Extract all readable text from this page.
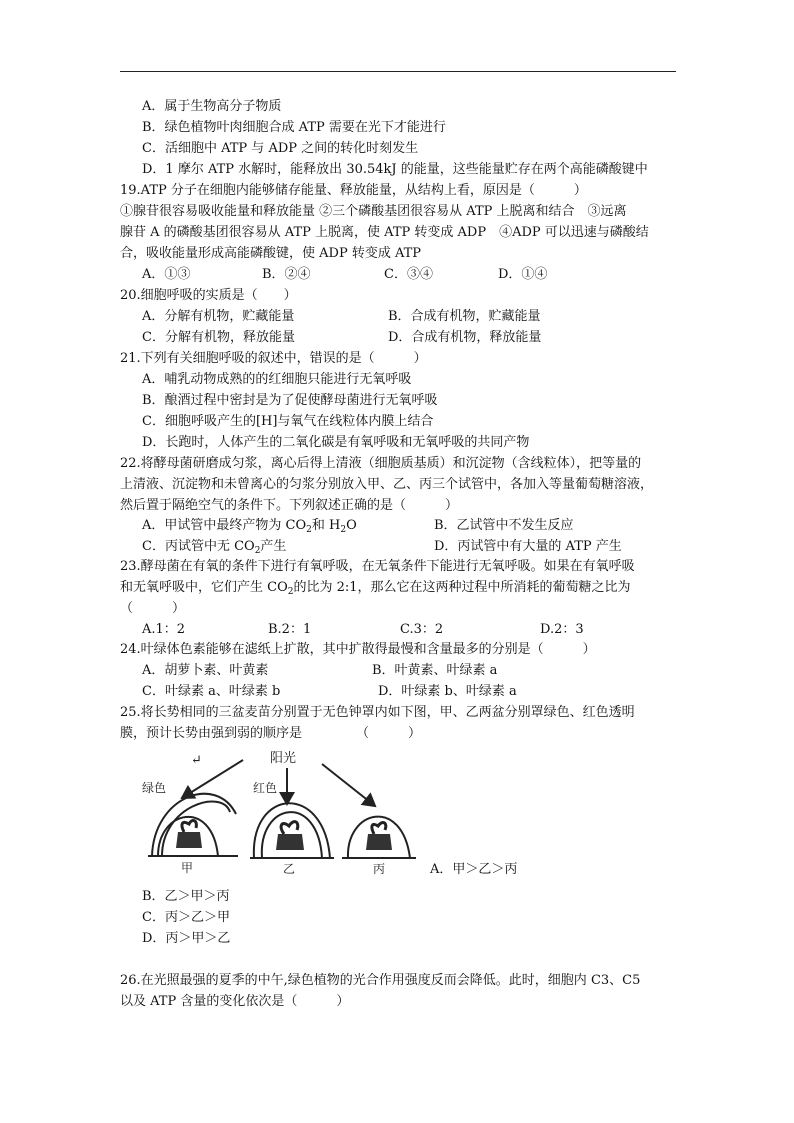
A．属于生物高分子物质
B．绿色植物叶肉细胞合成 ATP 需要在光下才能进行
C．活细胞中 ATP 与 ADP 之间的转化时刻发生
D．1 摩尔 ATP 水解时，能释放出 30.54kJ 的能量，这些能量贮存在两个高能磷酸键中
19.ATP 分子在细胞内能够储存能量、释放能量，从结构上看，原因是（　　　）
①腺苷很容易吸收能量和释放能量 ②三个磷酸基团很容易从 ATP 上脱离和结合　③远离
腺苷 A 的磷酸基团很容易从 ATP 上脱离，使 ATP 转变成 ADP　④ADP 可以迅速与磷酸结
合，吸收能量形成高能磷酸键，使 ADP 转变成 ATP
A．①③	B．②④	C．③④	D．①④
20.细胞呼吸的实质是（　　）
A．分解有机物，贮藏能量	B．合成有机物，贮藏能量
C．分解有机物，释放能量	D．合成有机物，释放能量
21.下列有关细胞呼吸的叙述中，错误的是（　　　）
A．哺乳动物成熟的的红细胞只能进行无氧呼吸
B．酿酒过程中密封是为了促使酵母菌进行无氧呼吸
C．细胞呼吸产生的[H]与氧气在线粒体内膜上结合
D．长跑时，人体产生的二氧化碳是有氧呼吸和无氧呼吸的共同产物
22.将酵母菌研磨成匀浆，离心后得上清液（细胞质基质）和沉淀物（含线粒体），把等量的
上清液、沉淀物和未曾离心的匀浆分别放入甲、乙、丙三个试管中，各加入等量葡萄糖溶液，
然后置于隔绝空气的条件下。下列叙述正确的是（　　　）
A．甲试管中最终产物为 $CO_2$和 $H_2O$	B．乙试管中不发生反应
C．丙试管中无 $CO_2$产生	D．丙试管中有大量的 ATP 产生
23.酵母菌在有氧的条件下进行有氧呼吸，在无氧条件下能进行无氧呼吸。如果在有氧呼吸
和无氧呼吸中，它们产生 $CO_2$的比为 2:1，那么它在这两种过程中所消耗的葡萄糖之比为
（　　　）
A.1：2	B.2：1	C.3：2	D.2：3
24.叶绿体色素能够在滤纸上扩散，其中扩散得最慢和含量最多的分别是（　　　）
A．胡萝卜素、叶黄素	B．叶黄素、叶绿素 a
C．叶绿素 a、叶绿素 b	D．叶绿素 b、叶绿素 a
25.将长势相同的三盆麦苗分别置于无色钟罩内如下图，甲、乙两盆分别罩绿色、红色透明
膜，预计长势由强到弱的顺序是	（　　　）
↵	阳光
绿色	红色
甲	乙	丙	A．甲＞乙＞丙
B．乙＞甲＞丙
C．丙＞乙＞甲
D．丙＞甲＞乙
26.在光照最强的夏季的中午,绿色植物的光合作用强度反而会降低。此时，细胞内 C3、C5
以及 ATP 含量的变化依次是（　　　）
